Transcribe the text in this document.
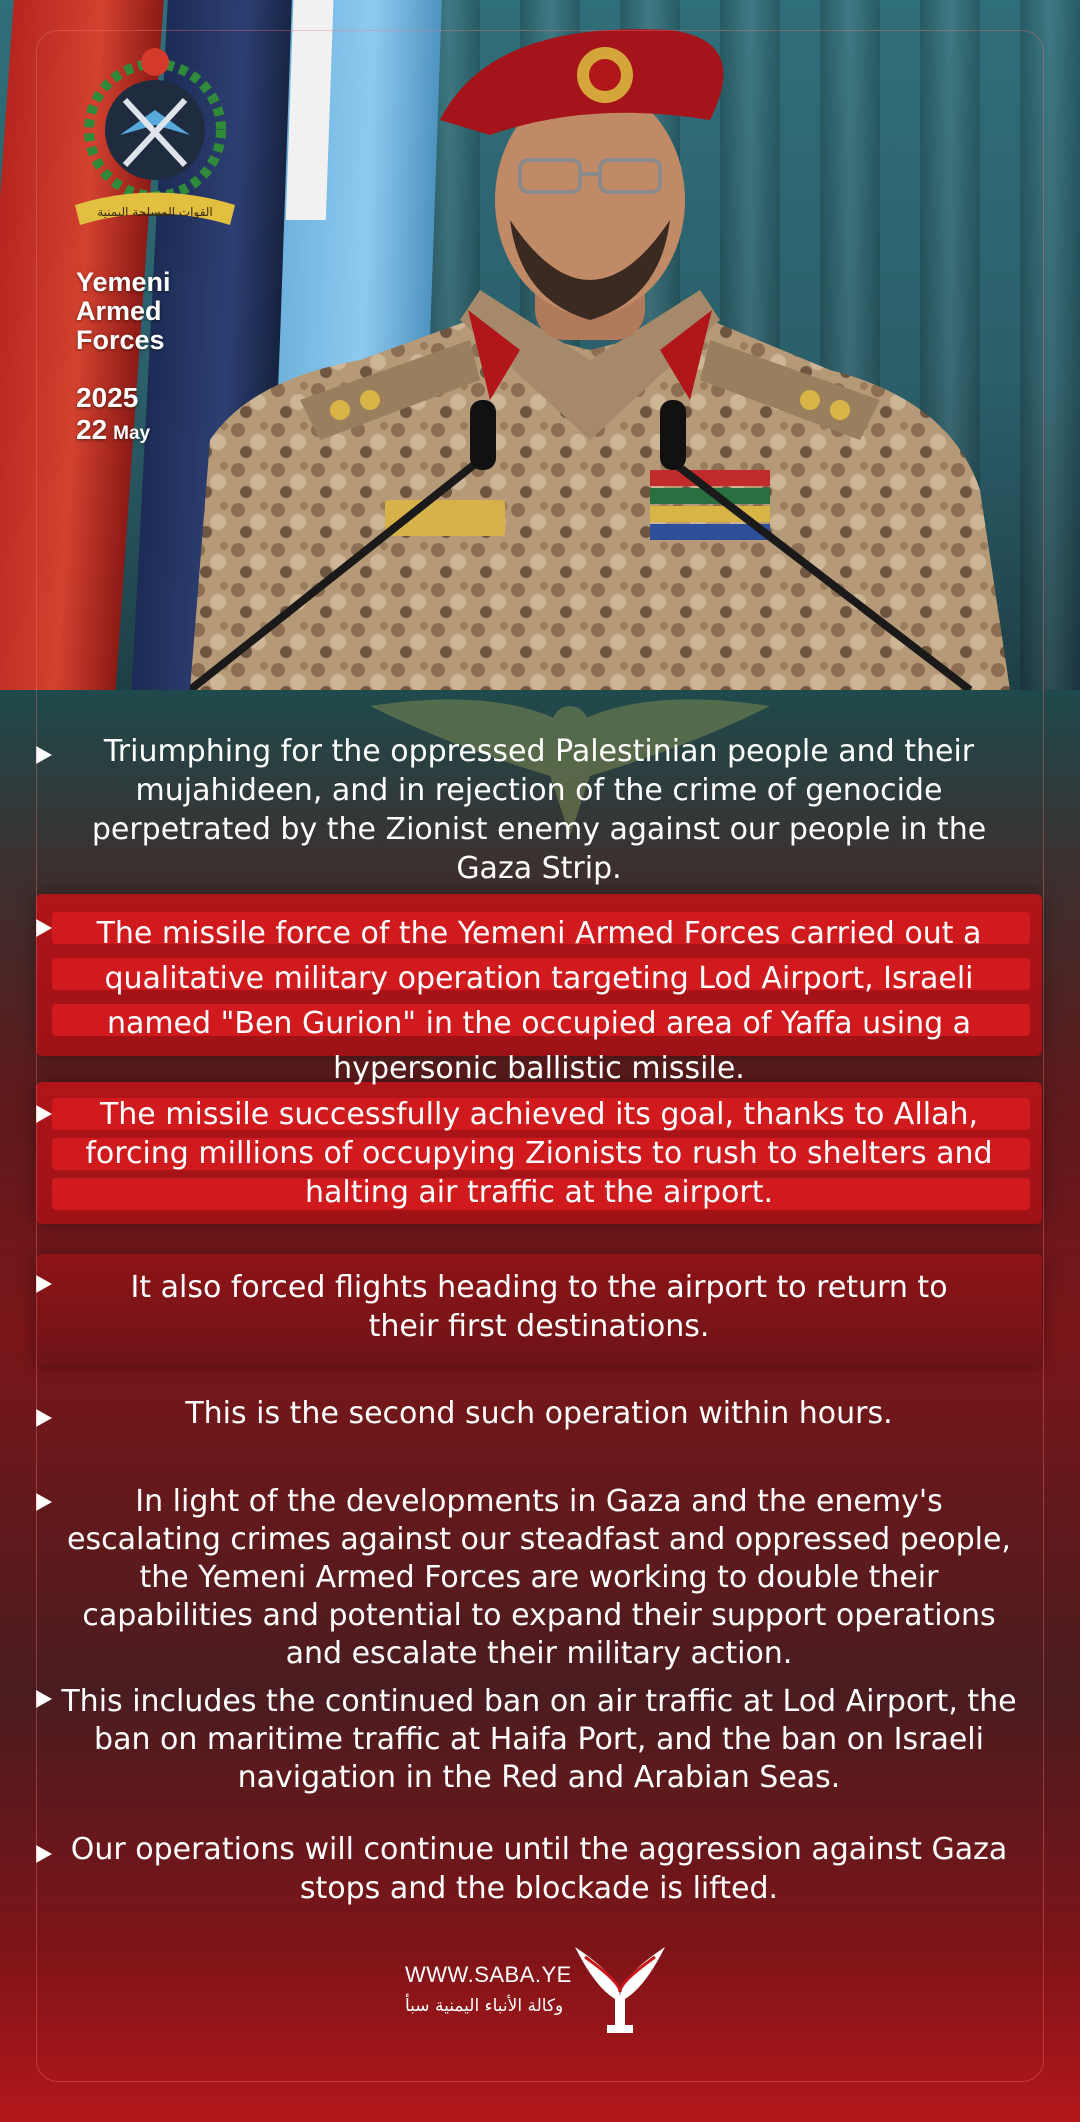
القوات المسلحة اليمنية
Yemeni
Armed
Forces
2025
22 May

Triumphing for the oppressed Palestinian people and their mujahideen, and in rejection of the crime of genocide perpetrated by the Zionist enemy against our people in the Gaza Strip.

The missile force of the Yemeni Armed Forces carried out a qualitative military operation targeting Lod Airport, Israeli named "Ben Gurion" in the occupied area of Yaffa using a hypersonic ballistic missile.

The missile successfully achieved its goal, thanks to Allah, forcing millions of occupying Zionists to rush to shelters and halting air traffic at the airport.

It also forced flights heading to the airport to return to their first destinations.

This is the second such operation within hours.

In light of the developments in Gaza and the enemy's escalating crimes against our steadfast and oppressed people, the Yemeni Armed Forces are working to double their capabilities and potential to expand their support operations and escalate their military action.

This includes the continued ban on air traffic at Lod Airport, the ban on maritime traffic at Haifa Port, and the ban on Israeli navigation in the Red and Arabian Seas.

Our operations will continue until the aggression against Gaza stops and the blockade is lifted.

WWW.SABA.YE
وكالة الأنباء اليمنية سبأ
